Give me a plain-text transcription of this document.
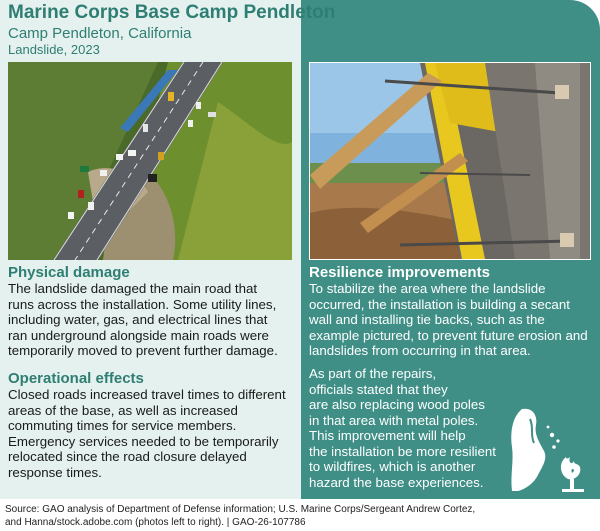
Marine Corps Base Camp Pendleton
Camp Pendleton, California
Landslide, 2023
Physical damage
The landslide damaged the main road that
runs across the installation. Some utility lines,
including water, gas, and electrical lines that
ran underground alongside main roads were
temporarily moved to prevent further damage.
Operational effects
Closed roads increased travel times to different
areas of the base, as well as increased
commuting times for service members.
Emergency services needed to be temporarily
relocated since the road closure delayed
response times.
Resilience improvements
To stabilize the area where the landslide
occurred, the installation is building a secant
wall and installing tie backs, such as the
example pictured, to prevent future erosion and
landslides from occurring in that area.
As part of the repairs,
officials stated that they
are also replacing wood poles
in that area with metal poles.
This improvement will help
the installation be more resilient
to wildfires, which is another
hazard the base experiences.
Source: GAO analysis of Department of Defense information; U.S. Marine Corps/Sergeant Andrew Cortez,
and Hanna/stock.adobe.com (photos left to right). | GAO-26-107786
